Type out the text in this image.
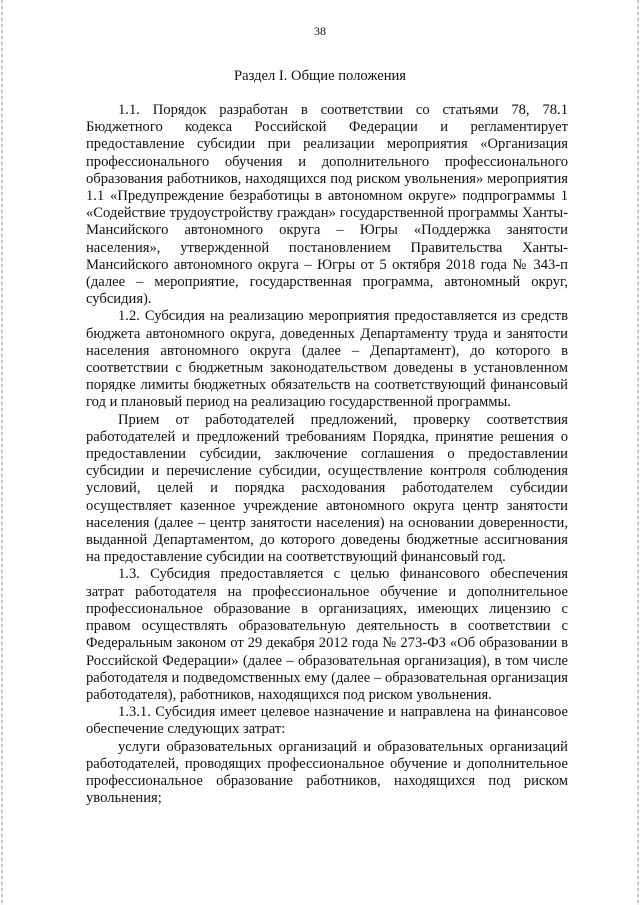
38
Раздел I. Общие положения

1.1. Порядок разработан в соответствии со статьями 78, 78.1 Бюджетного кодекса Российской Федерации и регламентирует предоставление субсидии при реализации мероприятия «Организация профессионального обучения и дополнительного профессионального образования работников, находящихся под риском увольнения» мероприятия 1.1 «Предупреждение безработицы в автономном округе» подпрограммы 1 «Содействие трудоустройству граждан» государственной программы Ханты-Мансийского автономного округа – Югры «Поддержка занятости населения», утвержденной постановлением Правительства Ханты-Мансийского автономного округа – Югры от 5 октября 2018 года № 343-п (далее – мероприятие, государственная программа, автономный округ, субсидия).

1.2. Субсидия на реализацию мероприятия предоставляется из средств бюджета автономного округа, доведенных Департаменту труда и занятости населения автономного округа (далее – Департамент), до которого в соответствии с бюджетным законодательством доведены в установленном порядке лимиты бюджетных обязательств на соответствующий финансовый год и плановый период на реализацию государственной программы.

Прием от работодателей предложений, проверку соответствия работодателей и предложений требованиям Порядка, принятие решения о предоставлении субсидии, заключение соглашения о предоставлении субсидии и перечисление субсидии, осуществление контроля соблюдения условий, целей и порядка расходования работодателем субсидии осуществляет казенное учреждение автономного округа центр занятости населения (далее – центр занятости населения) на основании доверенности, выданной Департаментом, до которого доведены бюджетные ассигнования на предоставление субсидии на соответствующий финансовый год.

1.3. Субсидия предоставляется с целью финансового обеспечения затрат работодателя на профессиональное обучение и дополнительное профессиональное образование в организациях, имеющих лицензию с правом осуществлять образовательную деятельность в соответствии с Федеральным законом от 29 декабря 2012 года № 273-ФЗ «Об образовании в Российской Федерации» (далее – образовательная организация), в том числе работодателя и подведомственных ему (далее – образовательная организация работодателя), работников, находящихся под риском увольнения.

1.3.1. Субсидия имеет целевое назначение и направлена на финансовое обеспечение следующих затрат:

услуги образовательных организаций и образовательных организаций работодателей, проводящих профессиональное обучение и дополнительное профессиональное образование работников, находящихся под риском увольнения;
